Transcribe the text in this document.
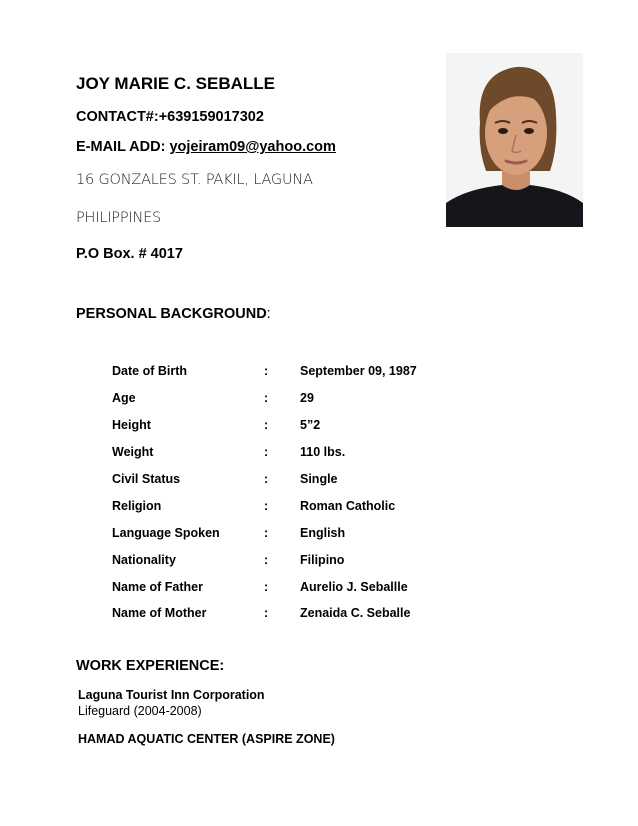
JOY MARIE C. SEBALLE
CONTACT#:+639159017302
E-MAIL ADD: yojeiram09@yahoo.com
16 GONZALES ST. PAKIL, LAGUNA
PHILIPPINES
P.O Box. # 4017
PERSONAL BACKGROUND:
Date of Birth	:	September 09, 1987
Age	:	29
Height	:	5”2
Weight	:	110 lbs.
Civil Status	:	Single
Religion	:	Roman Catholic
Language Spoken	:	English
Nationality	:	Filipino
Name of Father	:	Aurelio J. Seballle
Name of Mother	:	Zenaida C. Seballe
WORK EXPERIENCE:
Laguna Tourist Inn Corporation
Lifeguard (2004-2008)
HAMAD AQUATIC CENTER (ASPIRE ZONE)
